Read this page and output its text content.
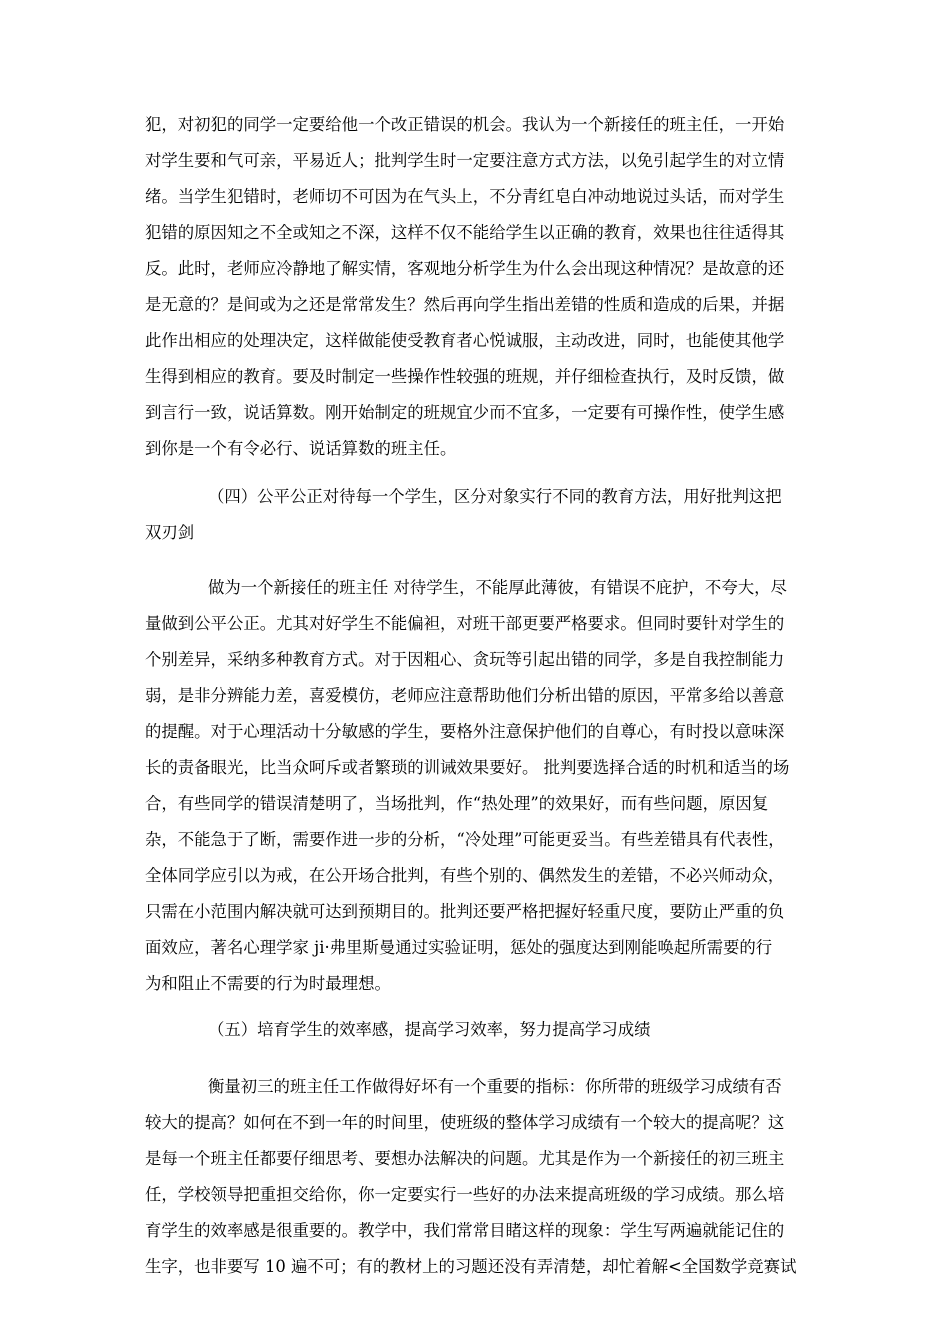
犯，对初犯的同学一定要给他一个改正错误的机会。我认为一个新接任的班主任，一开始
对学生要和气可亲，平易近人；批判学生时一定要注意方式方法，以免引起学生的对立情
绪。当学生犯错时，老师切不可因为在气头上，不分青红皂白冲动地说过头话，而对学生
犯错的原因知之不全或知之不深，这样不仅不能给学生以正确的教育，效果也往往适得其
反。此时，老师应冷静地了解实情，客观地分析学生为什么会出现这种情况？是故意的还
是无意的？是间或为之还是常常发生？然后再向学生指出差错的性质和造成的后果，并据
此作出相应的处理决定，这样做能使受教育者心悦诚服，主动改进，同时，也能使其他学
生得到相应的教育。要及时制定一些操作性较强的班规，并仔细检查执行，及时反馈，做
到言行一致，说话算数。刚开始制定的班规宜少而不宜多，一定要有可操作性，使学生感
到你是一个有令必行、说话算数的班主任。
（四）公平公正对待每一个学生，区分对象实行不同的教育方法，用好批判这把
双刃剑
做为一个新接任的班主任 对待学生，不能厚此薄彼，有错误不庇护，不夸大，尽
量做到公平公正。尤其对好学生不能偏袒，对班干部更要严格要求。但同时要针对学生的
个别差异，采纳多种教育方式。对于因粗心、贪玩等引起出错的同学，多是自我控制能力
弱，是非分辨能力差，喜爱模仿，老师应注意帮助他们分析出错的原因，平常多给以善意
的提醒。对于心理活动十分敏感的学生，要格外注意保护他们的自尊心，有时投以意味深
长的责备眼光，比当众呵斥或者繁琐的训诫效果要好。 批判要选择合适的时机和适当的场
合，有些同学的错误清楚明了，当场批判，作“热处理”的效果好，而有些问题，原因复
杂，不能急于了断，需要作进一步的分析，“冷处理”可能更妥当。有些差错具有代表性，
全体同学应引以为戒，在公开场合批判，有些个别的、偶然发生的差错，不必兴师动众，
只需在小范围内解决就可达到预期目的。批判还要严格把握好轻重尺度，要防止严重的负
面效应，著名心理学家 ji·弗里斯曼通过实验证明，惩处的强度达到刚能唤起所需要的行
为和阻止不需要的行为时最理想。
（五）培育学生的效率感，提高学习效率，努力提高学习成绩
衡量初三的班主任工作做得好坏有一个重要的指标：你所带的班级学习成绩有否
较大的提高？如何在不到一年的时间里，使班级的整体学习成绩有一个较大的提高呢？这
是每一个班主任都要仔细思考、要想办法解决的问题。尤其是作为一个新接任的初三班主
任，学校领导把重担交给你，你一定要实行一些好的办法来提高班级的学习成绩。那么培
育学生的效率感是很重要的。教学中，我们常常目睹这样的现象：学生写两遍就能记住的
生字，也非要写 10 遍不可；有的教材上的习题还没有弄清楚，却忙着解<全国数学竞赛试
